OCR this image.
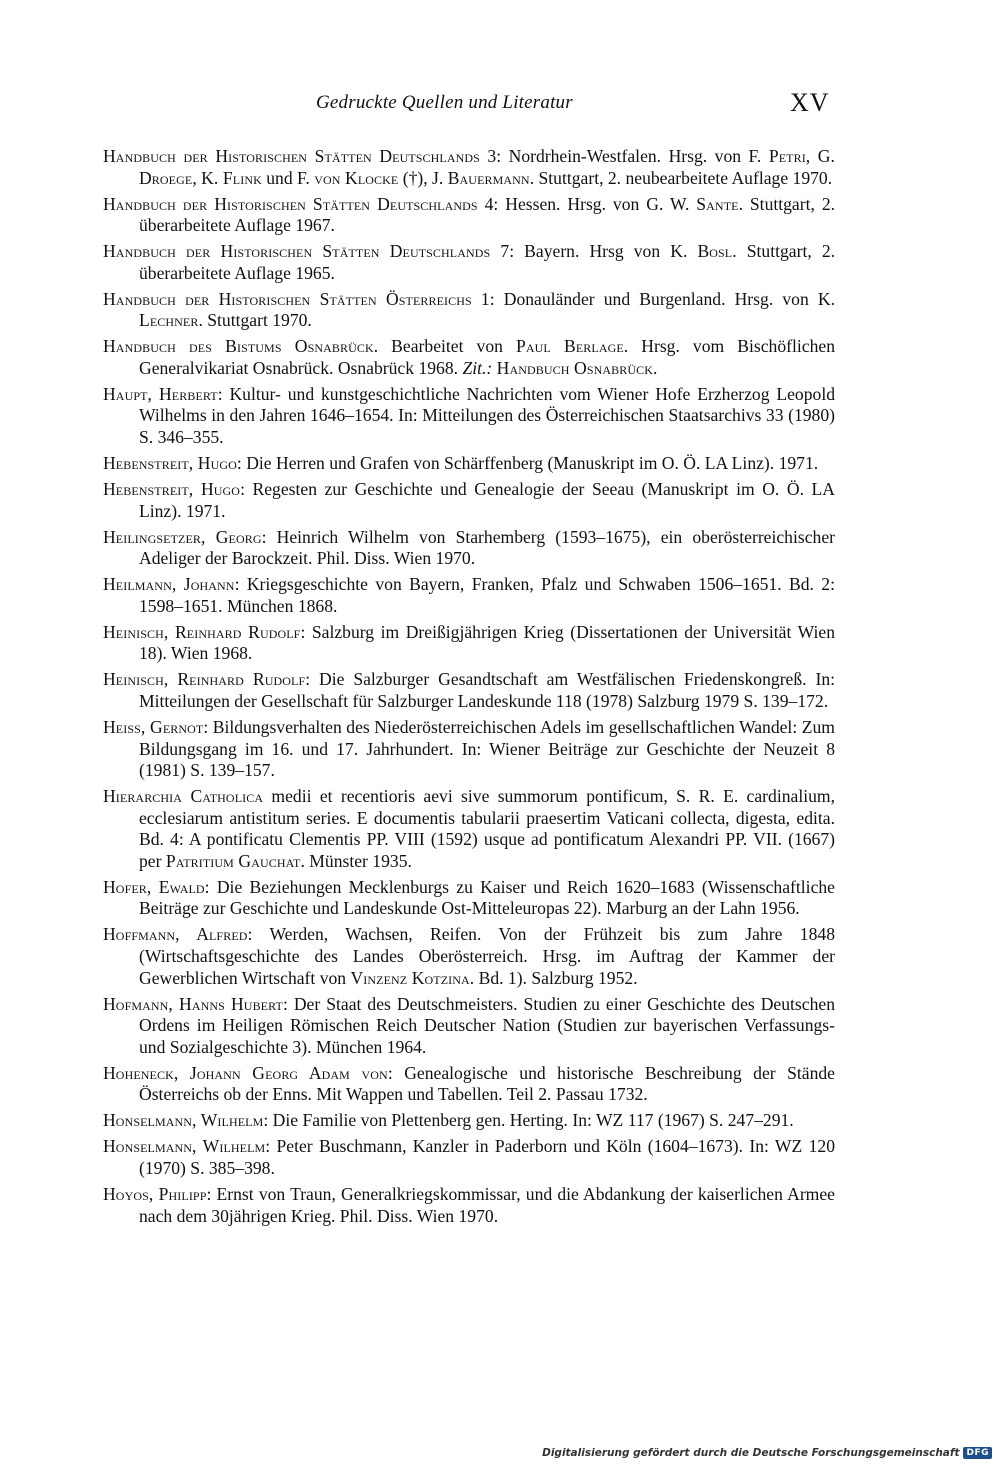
Gedruckte Quellen und Literatur	XV

Handbuch der Historischen Stätten Deutschlands 3: Nordrhein-Westfalen. Hrsg. von F. Petri, G. Droege, K. Flink und F. von Klocke (†), J. Bauermann. Stuttgart, 2. neubearbeitete Auflage 1970.

Handbuch der Historischen Stätten Deutschlands 4: Hessen. Hrsg. von G. W. Sante. Stuttgart, 2. überarbeitete Auflage 1967.

Handbuch der Historischen Stätten Deutschlands 7: Bayern. Hrsg von K. Bosl. Stuttgart, 2. überarbeitete Auflage 1965.

Handbuch der Historischen Stätten Österreichs 1: Donauländer und Burgenland. Hrsg. von K. Lechner. Stuttgart 1970.

Handbuch des Bistums Osnabrück. Bearbeitet von Paul Berlage. Hrsg. vom Bischöflichen Generalvikariat Osnabrück. Osnabrück 1968. Zit.: Handbuch Osnabrück.

Haupt, Herbert: Kultur- und kunstgeschichtliche Nachrichten vom Wiener Hofe Erzherzog Leopold Wilhelms in den Jahren 1646–1654. In: Mitteilungen des Österreichischen Staatsarchivs 33 (1980) S. 346–355.

Hebenstreit, Hugo: Die Herren und Grafen von Schärffenberg (Manuskript im O. Ö. LA Linz). 1971.

Hebenstreit, Hugo: Regesten zur Geschichte und Genealogie der Seeau (Manuskript im O. Ö. LA Linz). 1971.

Heilingsetzer, Georg: Heinrich Wilhelm von Starhemberg (1593–1675), ein oberösterreichischer Adeliger der Barockzeit. Phil. Diss. Wien 1970.

Heilmann, Johann: Kriegsgeschichte von Bayern, Franken, Pfalz und Schwaben 1506–1651. Bd. 2: 1598–1651. München 1868.

Heinisch, Reinhard Rudolf: Salzburg im Dreißigjährigen Krieg (Dissertationen der Universität Wien 18). Wien 1968.

Heinisch, Reinhard Rudolf: Die Salzburger Gesandtschaft am Westfälischen Friedenskongreß. In: Mitteilungen der Gesellschaft für Salzburger Landeskunde 118 (1978) Salzburg 1979 S. 139–172.

Heiss, Gernot: Bildungsverhalten des Niederösterreichischen Adels im gesellschaftlichen Wandel: Zum Bildungsgang im 16. und 17. Jahrhundert. In: Wiener Beiträge zur Geschichte der Neuzeit 8 (1981) S. 139–157.

Hierarchia Catholica medii et recentioris aevi sive summorum pontificum, S. R. E. cardinalium, ecclesiarum antistitum series. E documentis tabularii praesertim Vaticani collecta, digesta, edita. Bd. 4: A pontificatu Clementis PP. VIII (1592) usque ad pontificatum Alexandri PP. VII. (1667) per Patritium Gauchat. Münster 1935.

Hofer, Ewald: Die Beziehungen Mecklenburgs zu Kaiser und Reich 1620–1683 (Wissenschaftliche Beiträge zur Geschichte und Landeskunde Ost-Mitteleuropas 22). Marburg an der Lahn 1956.

Hoffmann, Alfred: Werden, Wachsen, Reifen. Von der Frühzeit bis zum Jahre 1848 (Wirtschaftsgeschichte des Landes Oberösterreich. Hrsg. im Auftrag der Kammer der Gewerblichen Wirtschaft von Vinzenz Kotzina. Bd. 1). Salzburg 1952.

Hofmann, Hanns Hubert: Der Staat des Deutschmeisters. Studien zu einer Geschichte des Deutschen Ordens im Heiligen Römischen Reich Deutscher Nation (Studien zur bayerischen Verfassungs- und Sozialgeschichte 3). München 1964.

Hoheneck, Johann Georg Adam von: Genealogische und historische Beschreibung der Stände Österreichs ob der Enns. Mit Wappen und Tabellen. Teil 2. Passau 1732.

Honselmann, Wilhelm: Die Familie von Plettenberg gen. Herting. In: WZ 117 (1967) S. 247–291.

Honselmann, Wilhelm: Peter Buschmann, Kanzler in Paderborn und Köln (1604–1673). In: WZ 120 (1970) S. 385–398.

Hoyos, Philipp: Ernst von Traun, Generalkriegskommissar, und die Abdankung der kaiserlichen Armee nach dem 30jährigen Krieg. Phil. Diss. Wien 1970.

Digitalisierung gefördert durch die Deutsche Forschungsgemeinschaft DFG
